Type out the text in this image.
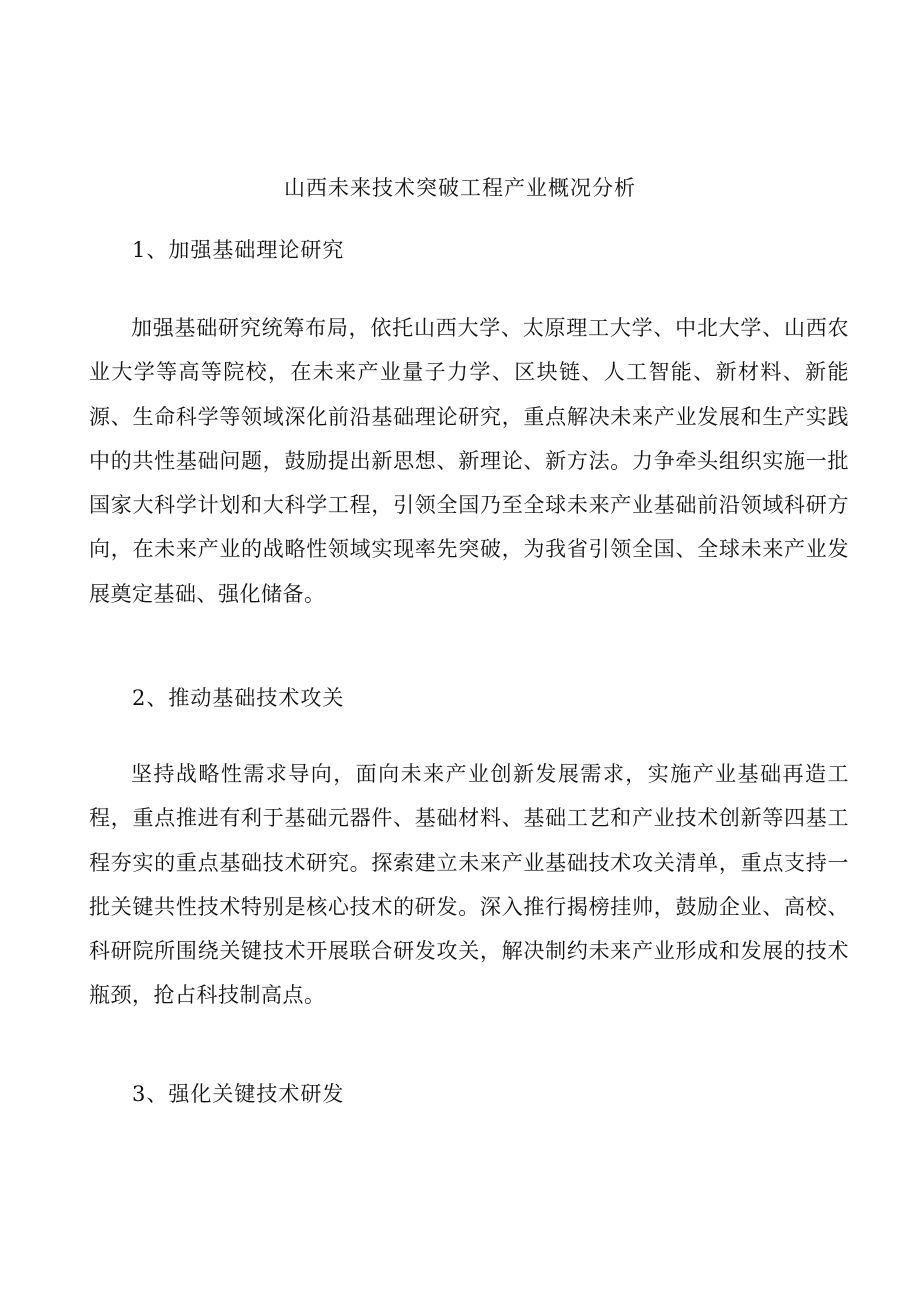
山西未来技术突破工程产业概况分析
1、加强基础理论研究

加强基础研究统筹布局，依托山西大学、太原理工大学、中北大学、山西农业大学等高等院校，在未来产业量子力学、区块链、人工智能、新材料、新能源、生命科学等领域深化前沿基础理论研究，重点解决未来产业发展和生产实践中的共性基础问题，鼓励提出新思想、新理论、新方法。力争牵头组织实施一批国家大科学计划和大科学工程，引领全国乃至全球未来产业基础前沿领域科研方向，在未来产业的战略性领域实现率先突破，为我省引领全国、全球未来产业发展奠定基础、强化储备。

2、推动基础技术攻关

坚持战略性需求导向，面向未来产业创新发展需求，实施产业基础再造工程，重点推进有利于基础元器件、基础材料、基础工艺和产业技术创新等四基工程夯实的重点基础技术研究。探索建立未来产业基础技术攻关清单，重点支持一批关键共性技术特别是核心技术的研发。深入推行揭榜挂帅，鼓励企业、高校、科研院所围绕关键技术开展联合研发攻关，解决制约未来产业形成和发展的技术瓶颈，抢占科技制高点。

3、强化关键技术研发
